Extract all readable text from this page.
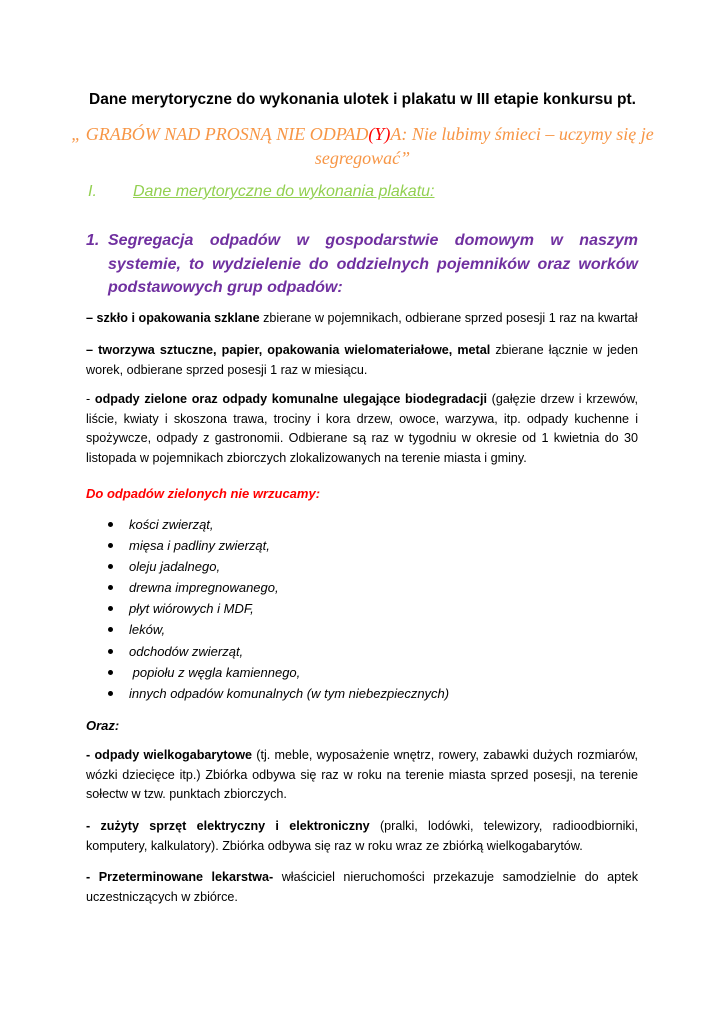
Dane merytoryczne do wykonania ulotek i plakatu w III etapie konkursu pt.
„ GRABÓW NAD PROSNĄ NIE ODPAD(Y)A: Nie lubimy śmieci – uczymy się je segregować”
I. Dane merytoryczne do wykonania plakatu:
1. Segregacja odpadów w gospodarstwie domowym w naszym systemie, to wydzielenie do oddzielnych pojemników oraz worków podstawowych grup odpadów:
– szkło i opakowania szklane zbierane w pojemnikach, odbierane sprzed posesji 1 raz na kwartał
– tworzywa sztuczne, papier, opakowania wielomateriałowe, metal zbierane łącznie w jeden worek, odbierane sprzed posesji 1 raz w miesiącu.
- odpady zielone oraz odpady komunalne ulegające biodegradacji (gałęzie drzew i krzewów, liście, kwiaty i skoszona trawa, trociny i kora drzew, owoce, warzywa, itp. odpady kuchenne i spożywcze, odpady z gastronomii. Odbierane są raz w tygodniu w okresie od 1 kwietnia do 30 listopada w pojemnikach zbiorczych zlokalizowanych na terenie miasta i gminy.
Do odpadów zielonych nie wrzucamy:
kości zwierząt,
mięsa i padliny zwierząt,
oleju jadalnego,
drewna impregnowanego,
płyt wiórowych i MDF,
leków,
odchodów zwierząt,
popiołu z węgla kamiennego,
innych odpadów komunalnych (w tym niebezpiecznych)
Oraz:
- odpady wielkogabarytowe (tj. meble, wyposażenie wnętrz, rowery, zabawki dużych rozmiarów, wózki dziecięce itp.) Zbiórka odbywa się raz w roku na terenie miasta sprzed posesji, na terenie sołectw w tzw. punktach zbiorczych.
- zużyty sprzęt elektryczny i elektroniczny (pralki, lodówki, telewizory, radioodbiorniki, komputery, kalkulatory). Zbiórka odbywa się raz w roku wraz ze zbiórką wielkogabarytów.
- Przeterminowane lekarstwa- właściciel nieruchomości przekazuje samodzielnie do aptek uczestniczących w zbiórce.
